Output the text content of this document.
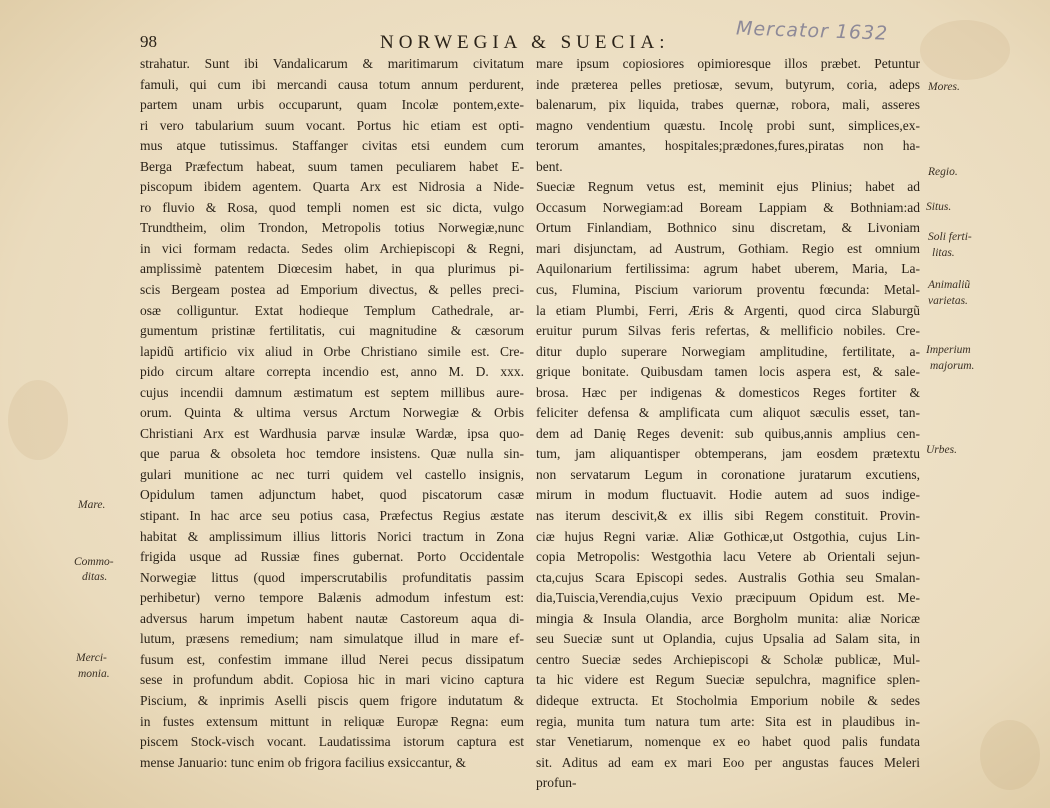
98	NORWEGIA & SUECIA:	Mercator 1632
strahatur. Sunt ibi Vandalicarum & maritimarum civitatum
famuli, qui cum ibi mercandi causa totum annum perdurent,
partem unam urbis occuparunt, quam Incolæ pontem,exte-
ri vero tabularium suum vocant. Portus hic etiam est opti-
mus atque tutissimus. Staffanger civitas etsi eundem cum
Berga Præfectum habeat, suum tamen peculiarem habet E-
piscopum ibidem agentem. Quarta Arx est Nidrosia a Nide-
ro fluvio & Rosa, quod templi nomen est sic dicta, vulgo
Trundtheim, olim Trondon, Metropolis totius Norwegiæ,nunc
in vici formam redacta. Sedes olim Archiepiscopi & Regni,
amplissimè patentem Diœcesim habet, in qua plurimus pi-
scis Bergeam postea ad Emporium divectus, & pelles preci-
osæ colliguntur. Extat hodieque Templum Cathedrale, ar-
gumentum pristinæ fertilitatis, cui magnitudine & cæsorum
lapidũ artificio vix aliud in Orbe Christiano simile est. Cre-
pido circum altare correpta incendio est, anno M. D. xxx.
cujus incendii damnum æstimatum est septem millibus aure-
orum. Quinta & ultima versus Arctum Norwegiæ & Orbis
Christiani Arx est Wardhusia parvæ insulæ Wardæ, ipsa quo-
que parua & obsoleta hoc temdore insistens. Quæ nulla sin-
gulari munitione ac nec turri quidem vel castello insignis,
Opidulum tamen adjunctum habet, quod piscatorum casæ
stipant. In hac arce seu potius casa, Præfectus Regius æstate
habitat & amplissimum illius littoris Norici tractum in Zona
frigida usque ad Russiæ fines gubernat. Porto Occidentale
Norwegiæ littus (quod imperscrutabilis profunditatis passim
perhibetur) verno tempore Balænis admodum infestum est:
adversus harum impetum habent nautæ Castoreum aqua di-
lutum, præsens remedium; nam simulatque illud in mare ef-
fusum est, confestim immane illud Nerei pecus dissipatum
sese in profundum abdit. Copiosa hic in mari vicino captura
Piscium, & inprimis Aselli piscis quem frigore indutatum &
in fustes extensum mittunt in reliquæ Europæ Regna: eum
piscem Stock-visch vocant. Laudatissima istorum captura est
mense Januario: tunc enim ob frigora facilius exsiccantur, &
mare ipsum copiosiores opimioresque illos præbet. Petuntur
inde præterea pelles pretiosæ, sevum, butyrum, coria, adeps
balenarum, pix liquida, trabes quernæ, robora, mali, asseres
magno vendentium quæstu. Incolę probi sunt, simplices,ex-
terorum amantes, hospitales;prædones,fures,piratas non ha-
bent.
Sueciæ Regnum vetus est, meminit ejus Plinius; habet ad
Occasum Norwegiam:ad Boream Lappiam & Bothniam:ad
Ortum Finlandiam, Bothnico sinu discretam, & Livoniam
mari disjunctam, ad Austrum, Gothiam. Regio est omnium
Aquilonarium fertilissima: agrum habet uberem, Maria, La-
cus, Flumina, Piscium variorum proventu fœcunda: Metal-
la etiam Plumbi, Ferri, Æris & Argenti, quod circa Slaburgũ
eruitur purum Silvas feris refertas, & mellificio nobiles. Cre-
ditur duplo superare Norwegiam amplitudine, fertilitate, a-
grique bonitate. Quibusdam tamen locis aspera est, & sale-
brosa. Hæc per indigenas & domesticos Reges fortiter &
feliciter defensa & amplificata cum aliquot sæculis esset, tan-
dem ad Danię Reges devenit: sub quibus,annis amplius cen-
tum, jam aliquantisper obtemperans, jam eosdem prætextu
non servatarum Legum in coronatione juratarum excutiens,
mirum in modum fluctuavit. Hodie autem ad suos indige-
nas iterum descivit,& ex illis sibi Regem constituit. Provin-
ciæ hujus Regni variæ. Aliæ Gothicæ,ut Ostgothia, cujus Lin-
copia Metropolis: Westgothia lacu Vetere ab Orientali sejun-
cta,cujus Scara Episcopi sedes. Australis Gothia seu Smalan-
dia,Tuiscia,Verendia,cujus Vexio præcipuum Opidum est. Me-
mingia & Insula Olandia, arce Borgholm munita: aliæ Noricæ
seu Sueciæ sunt ut Oplandia, cujus Upsalia ad Salam sita, in
centro Sueciæ sedes Archiepiscopi & Scholæ publicæ, Mul-
ta hic videre est Regum Sueciæ sepulchra, magnifice splen-
dideque extructa. Et Stocholmia Emporium nobile & sedes
regia, munita tum natura tum arte: Sita est in plaudibus in-
star Venetiarum, nomenque ex eo habet quod palis fundata
sit. Aditus ad eam ex mari Eoo per angustas fauces Meleri
profun-
Mare.
Commo-
ditas.
Merci-
monia.
Mores.
Regio.
Situs.
Soli ferti-
litas.
Animaliũ
varietas.
Imperium
majorum.
Urbes.
